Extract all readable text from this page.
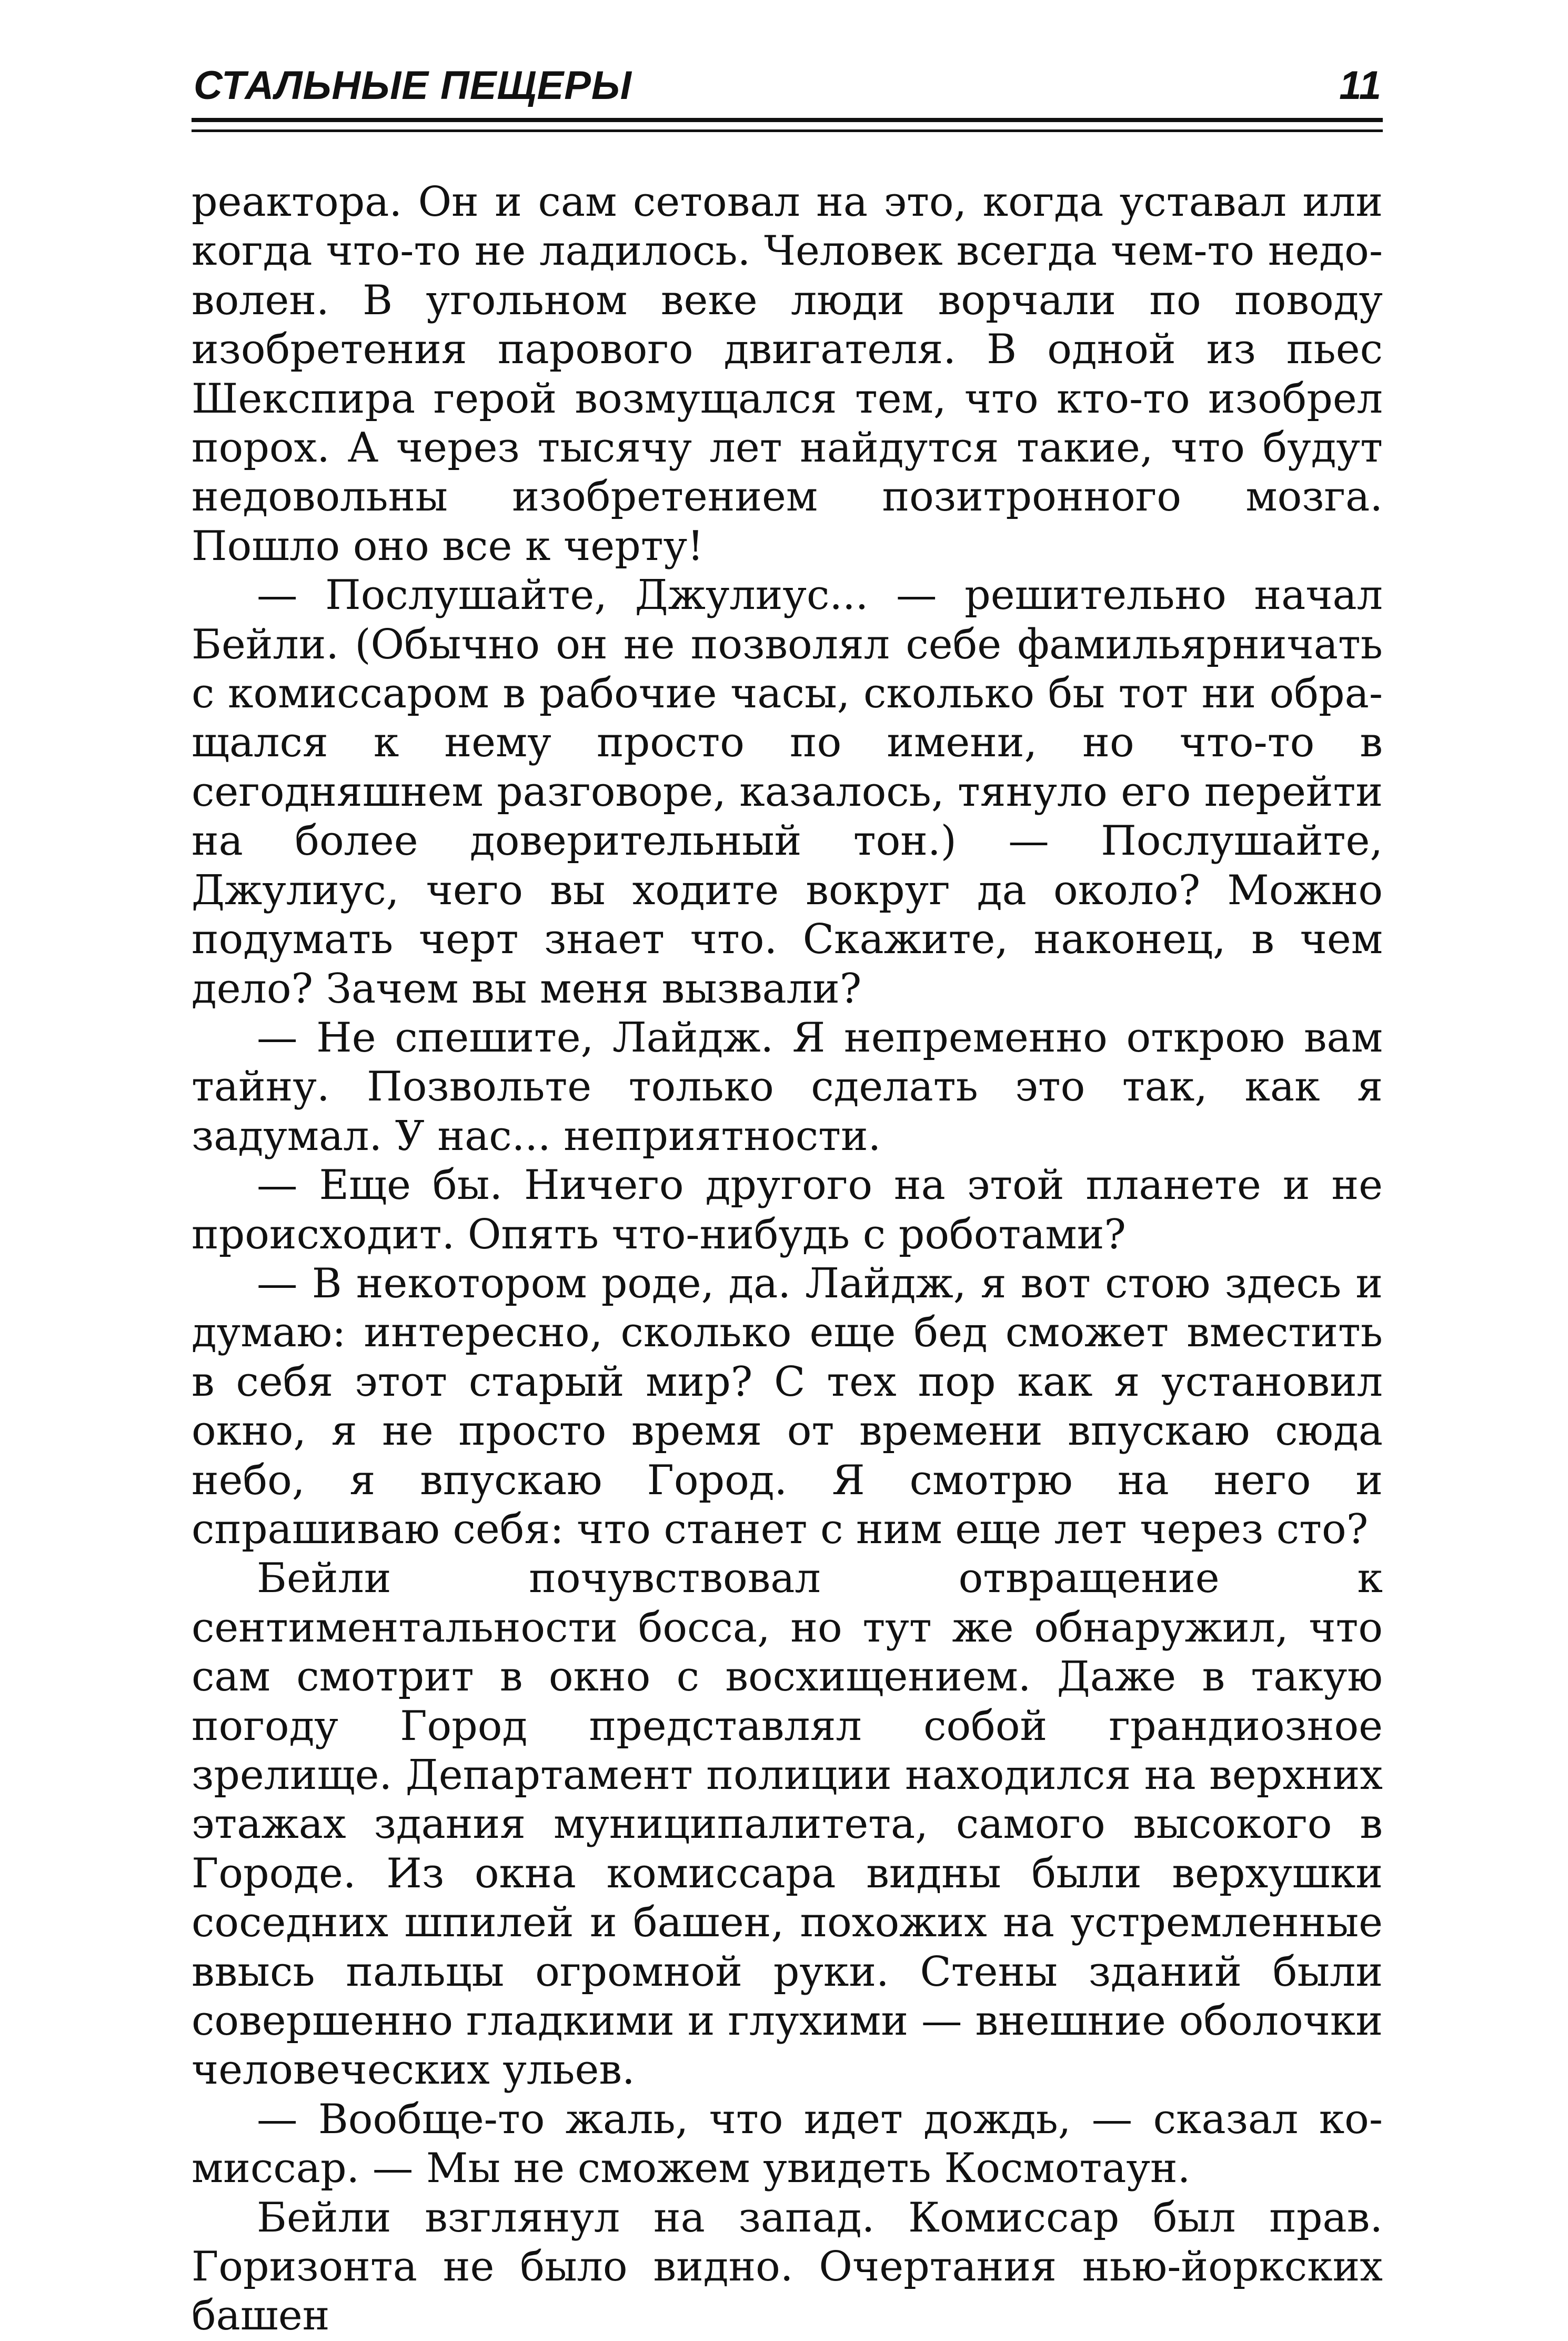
СТАЛЬНЫЕ ПЕЩЕРЫ	11

реактора. Он и сам сетовал на это, когда уставал или когда что-то не ладилось. Человек всегда чем-то недоволен. В угольном веке люди ворчали по поводу изобретения парового двигателя. В одной из пьес Шекспира герой возмущался тем, что кто-то изобрел порох. А через тысячу лет найдутся такие, что будут недовольны изобретением позитронного мозга. Пошло оно все к черту!

— Послушайте, Джулиус... — решительно начал Бейли. (Обычно он не позволял себе фамильярничать с комиссаром в рабочие часы, сколько бы тот ни обращался к нему просто по имени, но что-то в сегодняшнем разговоре, казалось, тянуло его перейти на более доверительный тон.) — Послушайте, Джулиус, чего вы ходите вокруг да около? Можно подумать черт знает что. Скажите, наконец, в чем дело? Зачем вы меня вызвали?

— Не спешите, Лайдж. Я непременно открою вам тайну. Позвольте только сделать это так, как я задумал. У нас... неприятности.

— Еще бы. Ничего другого на этой планете и не происходит. Опять что-нибудь с роботами?

— В некотором роде, да. Лайдж, я вот стою здесь и думаю: интересно, сколько еще бед сможет вместить в себя этот старый мир? С тех пор как я установил окно, я не просто время от времени впускаю сюда небо, я впускаю Город. Я смотрю на него и спрашиваю себя: что станет с ним еще лет через сто?

Бейли почувствовал отвращение к сентиментальности босса, но тут же обнаружил, что сам смотрит в окно с восхищением. Даже в такую погоду Город представлял собой грандиозное зрелище. Департамент полиции находился на верхних этажах здания муниципалитета, самого высокого в Городе. Из окна комиссара видны были верхушки соседних шпилей и башен, похожих на устремленные ввысь пальцы огромной руки. Стены зданий были совершенно гладкими и глухими — внешние оболочки человеческих ульев.

— Вообще-то жаль, что идет дождь, — сказал комиссар. — Мы не сможем увидеть Космотаун.

Бейли взглянул на запад. Комиссар был прав. Горизонта не было видно. Очертания нью-йоркских башен
